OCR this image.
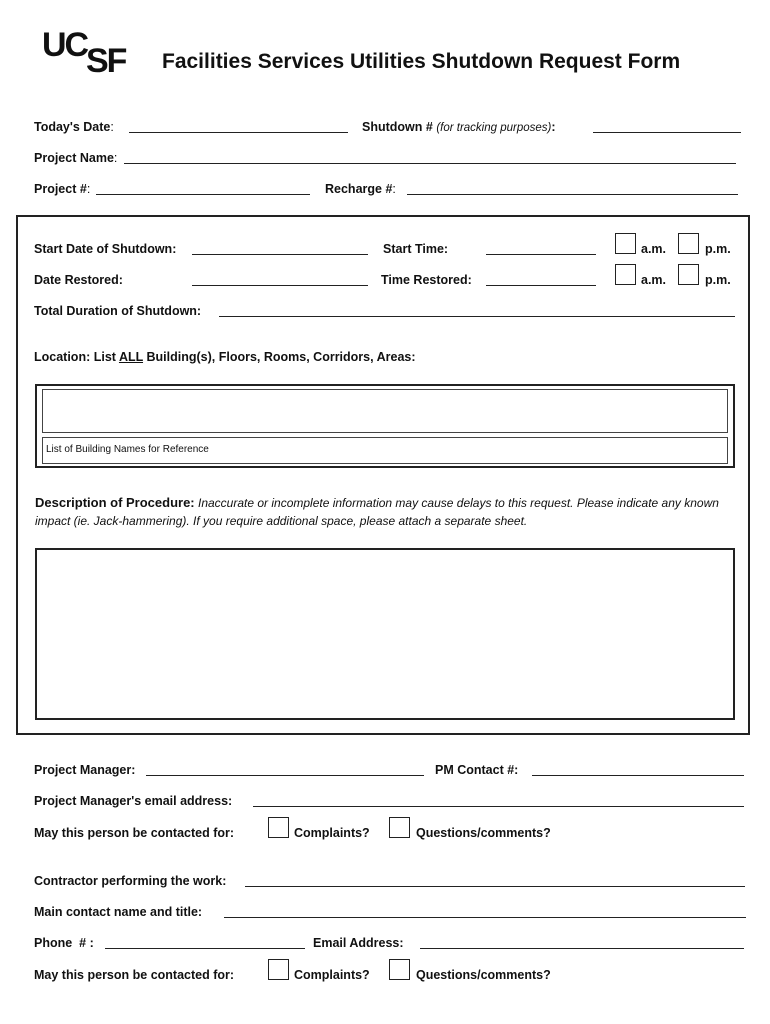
UC
SF Facilities Services Utilities Shutdown Request Form
Today's Date:	Shutdown # (for tracking purposes):
Project Name:
Project #:	Recharge #:
Start Date of Shutdown:	Start Time:	a.m.	p.m.
Date Restored:	Time Restored:	a.m.	p.m.
Total Duration of Shutdown:
Location: List ALL Building(s), Floors, Rooms, Corridors, Areas:
List of Building Names for Reference
Description of Procedure: Inaccurate or incomplete information may cause delays to this request. Please indicate any known impact (ie. Jack-hammering). If you require additional space, please attach a separate sheet.
Project Manager:	PM Contact #:
Project Manager's email address:
May this person be contacted for:	Complaints?	Questions/comments?
Contractor performing the work:
Main contact name and title:
Phone  # :	Email Address:
May this person be contacted for:	Complaints?	Questions/comments?
